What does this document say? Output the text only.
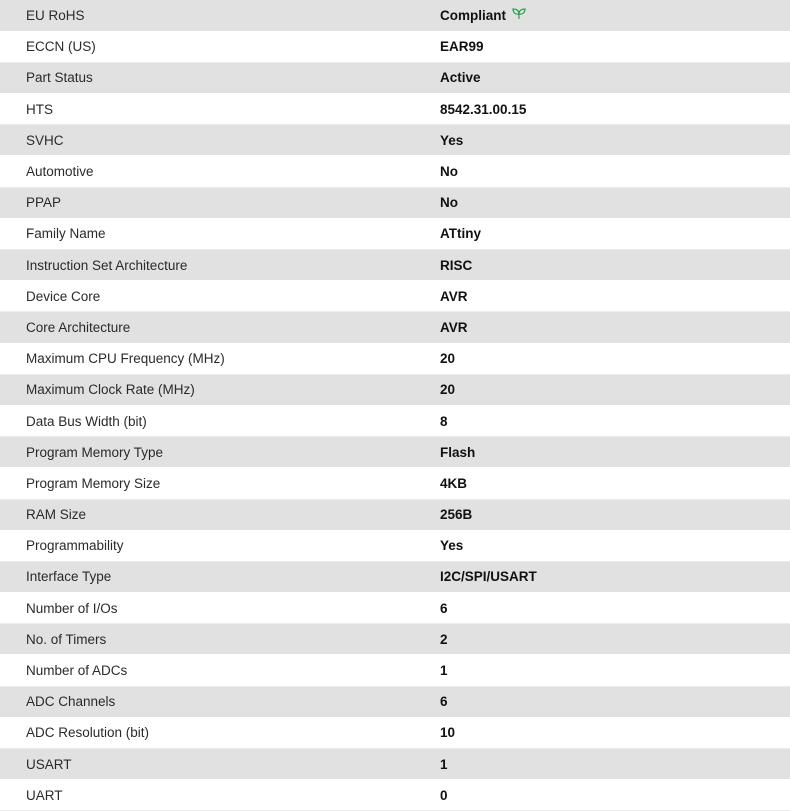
EU RoHS	Compliant
ECCN (US)	EAR99
Part Status	Active
HTS	8542.31.00.15
SVHC	Yes
Automotive	No
PPAP	No
Family Name	ATtiny
Instruction Set Architecture	RISC
Device Core	AVR
Core Architecture	AVR
Maximum CPU Frequency (MHz)	20
Maximum Clock Rate (MHz)	20
Data Bus Width (bit)	8
Program Memory Type	Flash
Program Memory Size	4KB
RAM Size	256B
Programmability	Yes
Interface Type	I2C/SPI/USART
Number of I/Os	6
No. of Timers	2
Number of ADCs	1
ADC Channels	6
ADC Resolution (bit)	10
USART	1
UART	0
